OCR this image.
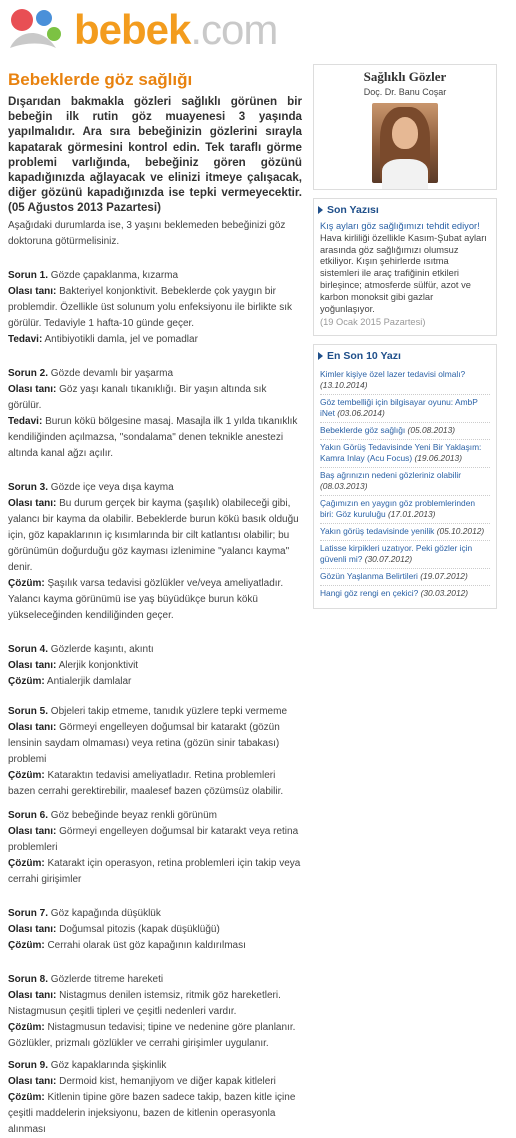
bebek.com
Bebeklerde göz sağlığı

Dışarıdan bakmakla gözleri sağlıklı görünen bir bebeğin ilk rutin göz muayenesi 3 yaşında yapılmalıdır. Ara sıra bebeğinizin gözlerini sırayla kapatarak görmesini kontrol edin. Tek taraflı görme problemi varlığında, bebeğiniz gören gözünü kapadığınızda ağlayacak ve elinizi itmeye çalışacak, diğer gözünü kapadığınızda ise tepki vermeyecektir. (05 Ağustos 2013 Pazartesi)

Aşağıdaki durumlarda ise, 3 yaşını beklemeden bebeğinizi göz doktoruna götürmelisiniz.

Sorun 1. Gözde çapaklanma, kızarma
Olası tanı: Bakteriyel konjonktivit. Bebeklerde çok yaygın bir problemdir. Özellikle üst solunum yolu enfeksiyonu ile birlikte sık görülür. Tedaviyle 1 hafta-10 günde geçer.
Tedavi: Antibiyotikli damla, jel ve pomadlar
Sorun 2. Gözde devamlı bir yaşarma
Olası tanı: Göz yaşı kanalı tıkanıklığı. Bir yaşın altında sık görülür.
Tedavi: Burun kökü bölgesine masaj. Masajla ilk 1 yılda tıkanıklık kendiliğinden açılmazsa, "sondalama" denen teknikle anestezi altında kanal ağzı açılır.
Sorun 3. Gözde içe veya dışa kayma
Olası tanı: Bu durum gerçek bir kayma (şaşılık) olabileceği gibi, yalancı bir kayma da olabilir. Bebeklerde burun kökü basık olduğu için, göz kapaklarının iç kısımlarında bir cilt katlantısı olabilir; bu görünümün doğurduğu göz kayması izlenimine "yalancı kayma" denir.
Çözüm: Şaşılık varsa tedavisi gözlükler ve/veya ameliyatladır. Yalancı kayma görünümü ise yaş büyüdükçe burun kökü yükseleceğinden kendiliğinden geçer.
Sorun 4. Gözlerde kaşıntı, akıntı
Olası tanı: Alerjik konjonktivit
Çözüm: Antialerjik damlalar
Sorun 5. Objeleri takip etmeme, tanıdık yüzlere tepki vermeme
Olası tanı: Görmeyi engelleyen doğumsal bir katarakt (gözün lensinin saydam olmaması) veya retina (gözün sinir tabakası) problemi
Çözüm: Kataraktın tedavisi ameliyatladır. Retina problemleri bazen cerrahi gerektirebilir, maalesef bazen çözümsüz olabilir.
Sorun 6. Göz bebeğinde beyaz renkli görünüm
Olası tanı: Görmeyi engelleyen doğumsal bir katarakt veya retina problemleri
Çözüm: Katarakt için operasyon, retina problemleri için takip veya cerrahi girişimler
Sorun 7. Göz kapağında düşüklük
Olası tanı: Doğumsal pitozis (kapak düşüklüğü)
Çözüm: Cerrahi olarak üst göz kapağının kaldırılması
Sorun 8. Gözlerde titreme hareketi
Olası tanı: Nistagmus denilen istemsiz, ritmik göz hareketleri. Nistagmusun çeşitli tipleri ve çeşitli nedenleri vardır.
Çözüm: Nistagmusun tedavisi; tipine ve nedenine göre planlanır. Gözlükler, prizmalı gözlükler ve cerrahi girişimler uygulanır.
Sorun 9. Göz kapaklarında şişkinlik
Olası tanı: Dermoid kist, hemanjiyom ve diğer kapak kitleleri
Çözüm: Kitlenin tipine göre bazen sadece takip, bazen kitle içine çeşitli maddelerin injeksiyonu, bazen de kitlenin operasyonla alınması
Sağlıklı Gözler
Doç. Dr. Banu Coşar
Son Yazısı
Kış ayları göz sağlığımızı tehdit ediyor!
Hava kirliliği özellikle Kasım-Şubat ayları arasında göz sağlığımızı olumsuz etkiliyor. Kışın şehirlerde ısıtma sistemleri ile araç trafiğinin etkileri birleşince; atmosferde sülfür, azot ve karbon monoksit gibi gazlar yoğunlaşıyor.
(19 Ocak 2015 Pazartesi)
En Son 10 Yazı
Kimler kişiye özel lazer tedavisi olmalı? (13.10.2014)
Göz tembelliği için bilgisayar oyunu: AmbP iNet (03.06.2014)
Bebeklerde göz sağlığı (05.08.2013)
Yakın Görüş Tedavisinde Yeni Bir Yaklaşım: Kamra Inlay (Acu Focus) (19.06.2013)
Baş ağrınızın nedeni gözleriniz olabilir (08.03.2013)
Çağımızın en yaygın göz problemlerinden biri: Göz kuruluğu (17.01.2013)
Yakın görüş tedavisinde yenilik (05.10.2012)
Latisse kirpikleri uzatıyor. Peki gözler için güvenli mi? (30.07.2012)
Gözün Yaşlanma Belirtileri (19.07.2012)
Hangi göz rengi en çekici? (30.03.2012)
